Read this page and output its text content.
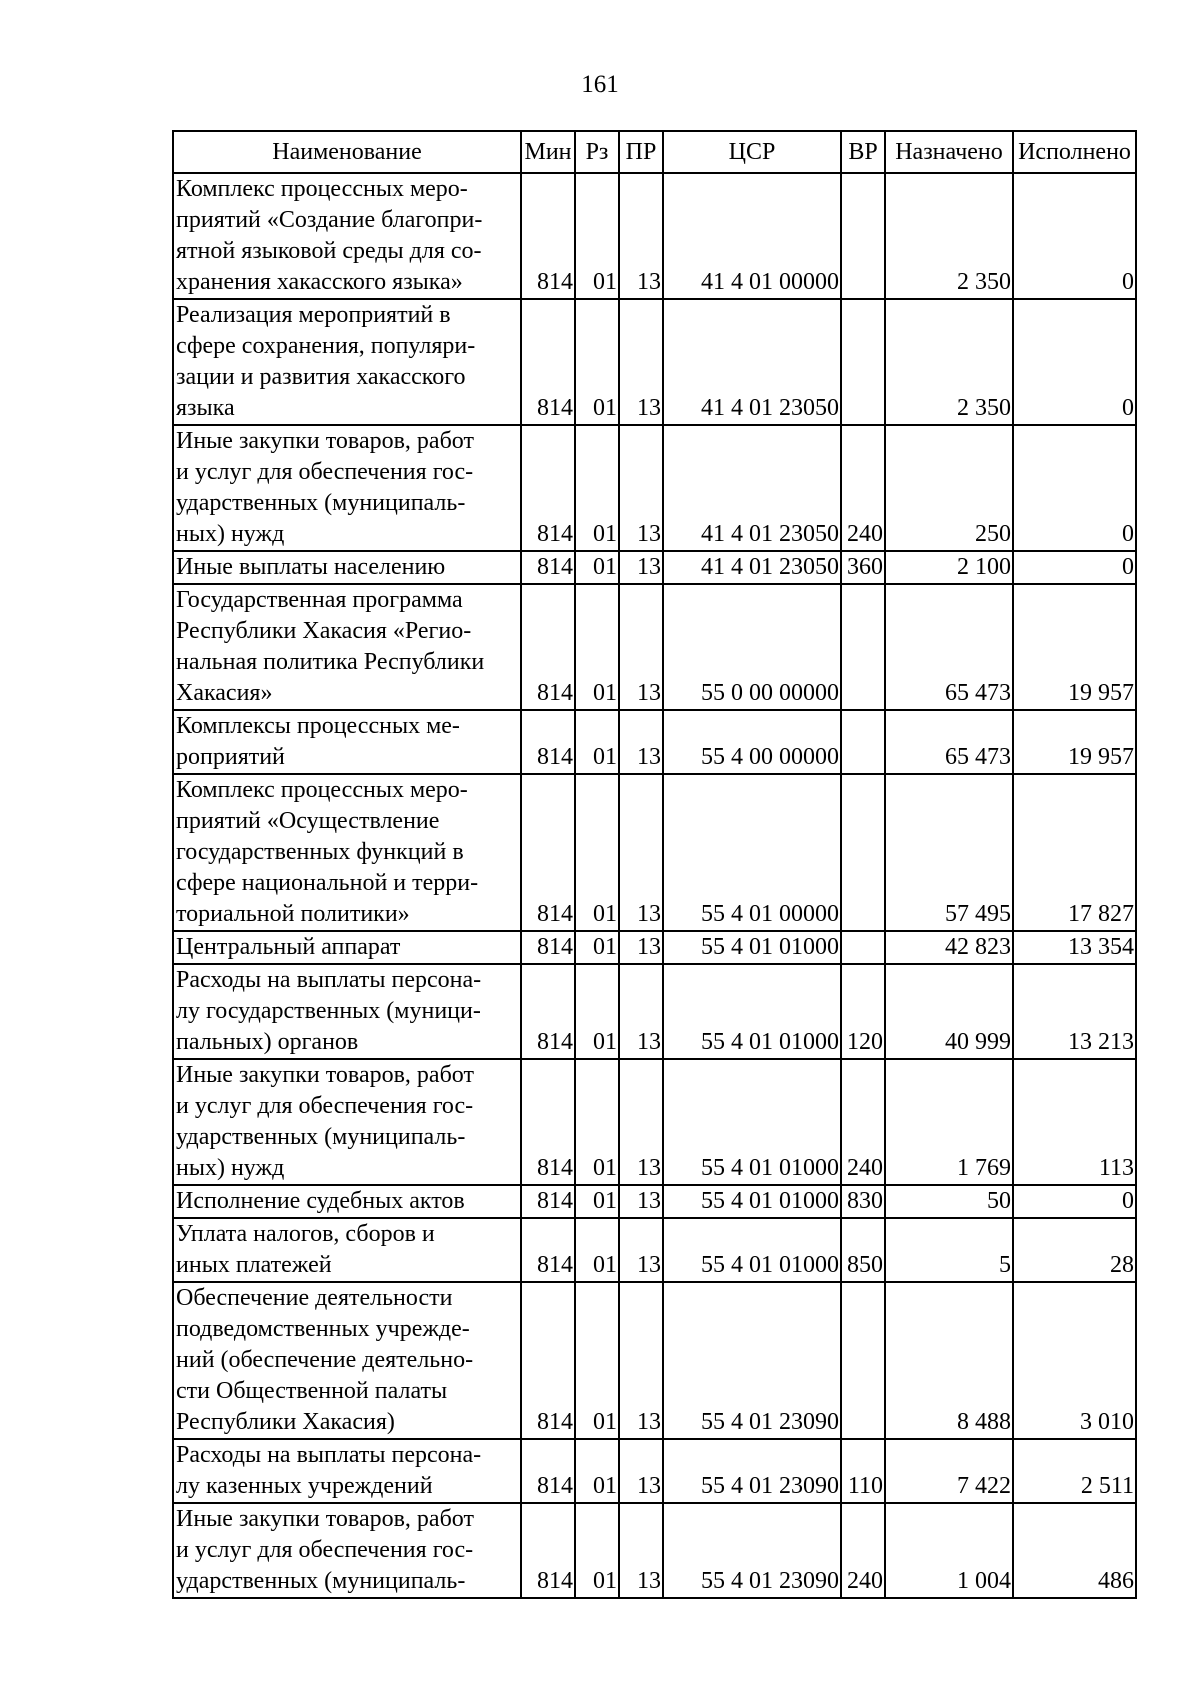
161
Наименование	Мин	Рз	ПР	ЦСР	ВР	Назначено	Исполнено

Комплекс процессных меро-
приятий «Создание благопри-
ятной языковой среды для со-
хранения хакасского языка»	814	01	13	41 4 01 00000		2 350	0

Реализация мероприятий в
сфере сохранения, популяри-
зации и развития хакасского
языка	814	01	13	41 4 01 23050		2 350	0

Иные закупки товаров, работ
и услуг для обеспечения гос-
ударственных (муниципаль-
ных) нужд	814	01	13	41 4 01 23050	240	250	0

Иные выплаты населению	814	01	13	41 4 01 23050	360	2 100	0

Государственная программа
Республики Хакасия «Регио-
нальная политика Республики
Хакасия»	814	01	13	55 0 00 00000		65 473	19 957

Комплексы процессных ме-
роприятий	814	01	13	55 4 00 00000		65 473	19 957

Комплекс процессных меро-
приятий «Осуществление
государственных функций в
сфере национальной и терри-
ториальной политики»	814	01	13	55 4 01 00000		57 495	17 827

Центральный аппарат	814	01	13	55 4 01 01000		42 823	13 354

Расходы на выплаты персона-
лу государственных (муници-
пальных) органов	814	01	13	55 4 01 01000	120	40 999	13 213

Иные закупки товаров, работ
и услуг для обеспечения гос-
ударственных (муниципаль-
ных) нужд	814	01	13	55 4 01 01000	240	1 769	113

Исполнение судебных актов	814	01	13	55 4 01 01000	830	50	0

Уплата налогов, сборов и
иных платежей	814	01	13	55 4 01 01000	850	5	28

Обеспечение деятельности
подведомственных учрежде-
ний (обеспечение деятельно-
сти Общественной палаты
Республики Хакасия)	814	01	13	55 4 01 23090		8 488	3 010

Расходы на выплаты персона-
лу казенных учреждений	814	01	13	55 4 01 23090	110	7 422	2 511

Иные закупки товаров, работ
и услуг для обеспечения гос-
ударственных (муниципаль-	814	01	13	55 4 01 23090	240	1 004	486
